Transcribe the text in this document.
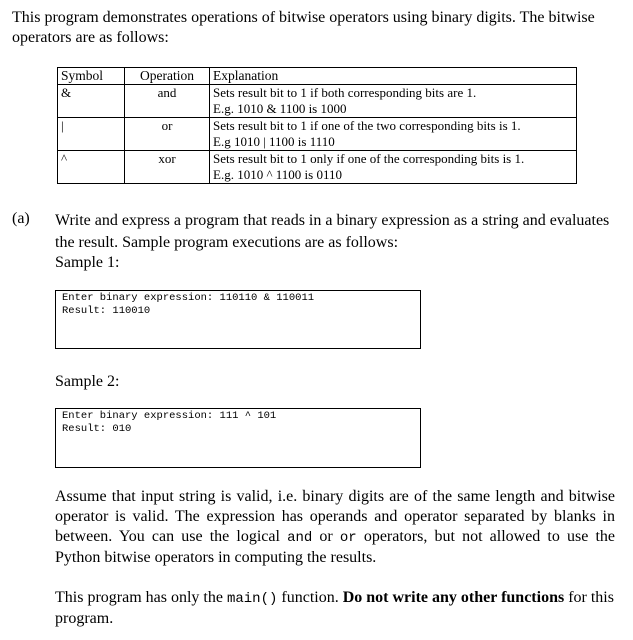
This program demonstrates operations of bitwise operators using binary digits. The bitwise operators are as follows:
Symbol	Operation	Explanation
&	and	Sets result bit to 1 if both corresponding bits are 1.
E.g. 1010 & 1100 is 1000

|	or	Sets result bit to 1 if one of the two corresponding bits is 1.
E.g 1010 | 1100 is 1110

^	xor	Sets result bit to 1 only if one of the corresponding bits is 1.
E.g. 1010 ^ 1100 is 0110
(a) Write and express a program that reads in a binary expression as a string and evaluates the result. Sample program executions are as follows:
Sample 1:
Enter binary expression: 110110 & 110011
Result: 110010
Sample 2:
Enter binary expression: 111 ^ 101
Result: 010
Assume that input string is valid, i.e. binary digits are of the same length and bitwise operator is valid. The expression has operands and operator separated by blanks in between. You can use the logical and or or operators, but not allowed to use the Python bitwise operators in computing the results.
This program has only the main() function. Do not write any other functions for this program.
